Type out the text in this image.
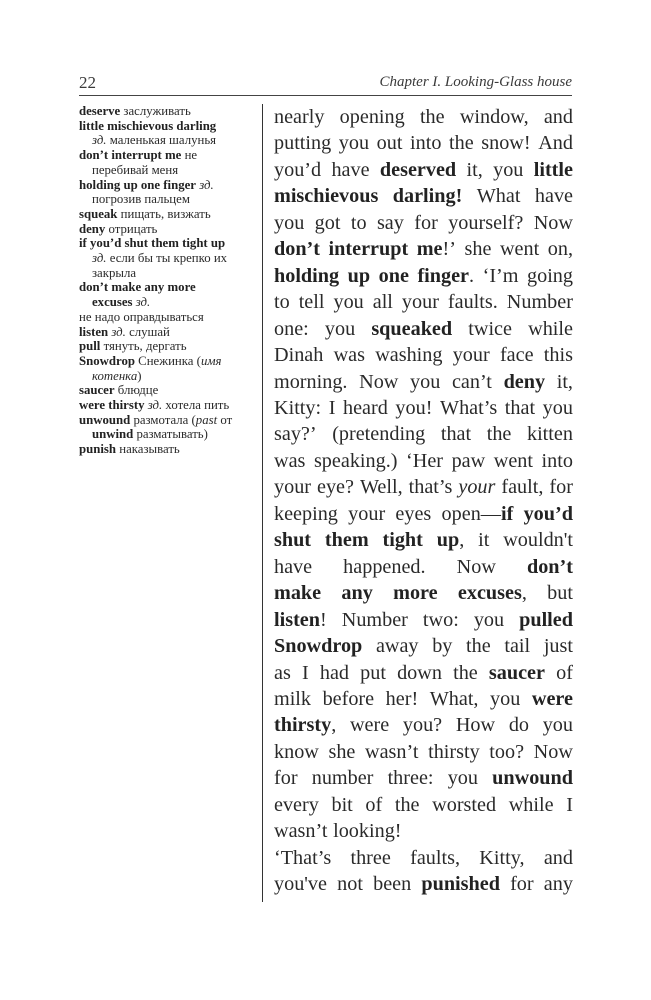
22	Chapter I. Looking-Glass house
deserve заслуживать
little mischievous darling
зд. маленькая шалунья
don’t interrupt me не
перебивай меня
holding up one finger зд.
погрозив пальцем
squeak пищать, визжать
deny отрицать
if you’d shut them tight up
зд. если бы ты крепко их
закрыла
don’t make any more
excuses зд.
не надо оправдываться
listen зд. слушай
pull тянуть, дергать
Snowdrop Снежинка (имя
котенка)
saucer блюдце
were thirsty зд. хотела пить
unwound размотала (past от
unwind разматывать)
punish наказывать
nearly opening the window, and
putting you out into the snow! And
you’d have deserved it, you little
mischievous darling! What have
you got to say for yourself? Now
don’t interrupt me!’ she went on,
holding up one finger. ‘I’m going
to tell you all your faults. Number
one: you squeaked twice while
Dinah was washing your face this
morning. Now you can’t deny it,
Kitty: I heard you! What’s that you
say?’ (pretending that the kitten
was speaking.) ‘Her paw went into
your eye? Well, that’s your fault, for
keeping your eyes open—if you’d
shut them tight up, it wouldn't
have happened. Now don’t
make any more excuses, but
listen! Number two: you pulled
Snowdrop away by the tail just
as I had put down the saucer of
milk before her! What, you were
thirsty, were you? How do you
know she wasn’t thirsty too? Now
for number three: you unwound
every bit of the worsted while I
wasn’t looking!
‘That’s three faults, Kitty, and
you've not been punished for any
